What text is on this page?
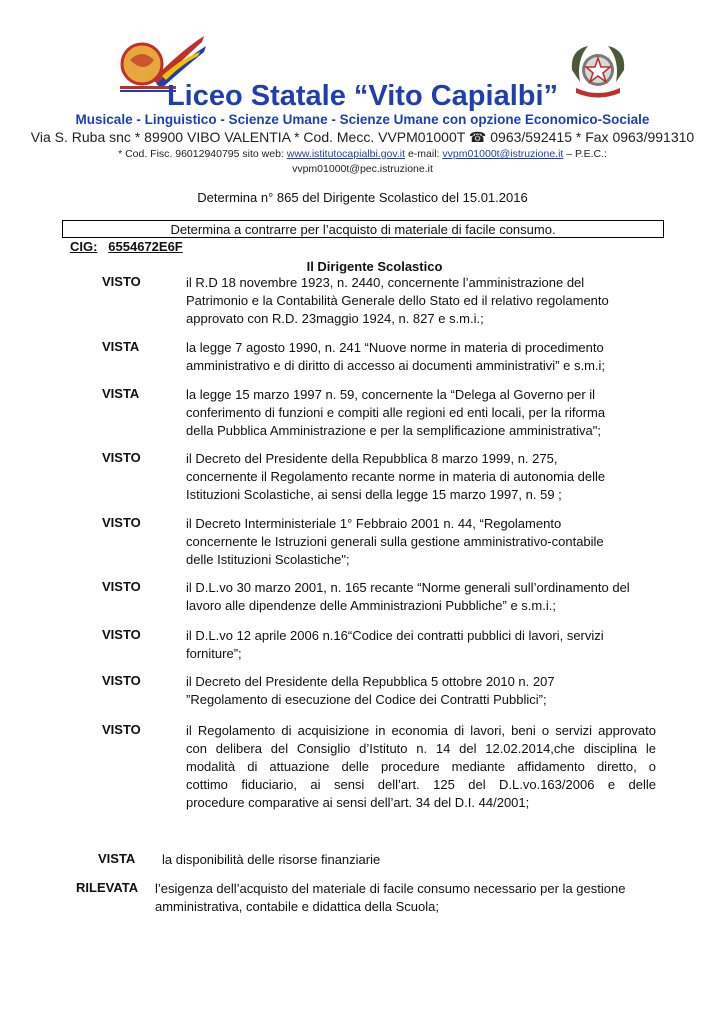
Liceo Statale “Vito Capialbi”
Musicale - Linguistico - Scienze Umane - Scienze Umane con opzione Economico-Sociale
Via S. Ruba snc * 89900 VIBO VALENTIA * Cod. Mecc. VVPM01000T ☎ 0963/592415 * Fax 0963/991310
* Cod. Fisc. 96012940795 sito web: www.istitutocapialbi.gov.it e-mail: vvpm01000t@istruzione.it – P.E.C.:
vvpm01000t@pec.istruzione.it
Determina n° 865 del Dirigente Scolastico del 15.01.2016
Determina a contrarre per l’acquisto di materiale di facile consumo.
CIG: 6554672E6F
Il Dirigente Scolastico
VISTO	il R.D 18 novembre 1923, n. 2440, concernente l’amministrazione del
Patrimonio e la Contabilità Generale dello Stato ed il relativo regolamento
approvato con R.D. 23maggio 1924, n. 827 e s.m.i.;
VISTA	la legge 7 agosto 1990, n. 241 “Nuove norme in materia di procedimento
amministrativo e di diritto di accesso ai documenti amministrativi” e s.m.i;
VISTA	la legge 15 marzo 1997 n. 59, concernente la “Delega al Governo per il
conferimento di funzioni e compiti alle regioni ed enti locali, per la riforma
della Pubblica Amministrazione e per la semplificazione amministrativa";
VISTO	il Decreto del Presidente della Repubblica 8 marzo 1999, n. 275,
concernente il Regolamento recante norme in materia di autonomia delle
Istituzioni Scolastiche, ai sensi della legge 15 marzo 1997, n. 59 ;
VISTO	il Decreto Interministeriale 1° Febbraio 2001 n. 44, “Regolamento
concernente le Istruzioni generali sulla gestione amministrativo-contabile
delle Istituzioni Scolastiche";
VISTO	il D.L.vo 30 marzo 2001, n. 165 recante “Norme generali sull’ordinamento del
lavoro alle dipendenze delle Amministrazioni Pubbliche” e s.m.i.;
VISTO	il D.L.vo 12 aprile 2006 n.16“Codice dei contratti pubblici di lavori, servizi
forniture”;
VISTO	il Decreto del Presidente della Repubblica 5 ottobre 2010 n. 207
”Regolamento di esecuzione del Codice dei Contratti Pubblici”;
VISTO	il Regolamento di acquisizione in economia di lavori, beni o servizi approvato
con delibera del Consiglio d’Istituto n. 14 del 12.02.2014,che disciplina le
modalità di attuazione delle procedure mediante affidamento diretto, o
cottimo fiduciario, ai sensi dell’art. 125 del D.L.vo.163/2006 e delle
procedure comparative ai sensi dell’art. 34 del D.I. 44/2001;
VISTA la disponibilità delle risorse finanziarie
RILEVATA l’esigenza dell’acquisto del materiale di facile consumo necessario per la gestione
amministrativa, contabile e didattica della Scuola;
